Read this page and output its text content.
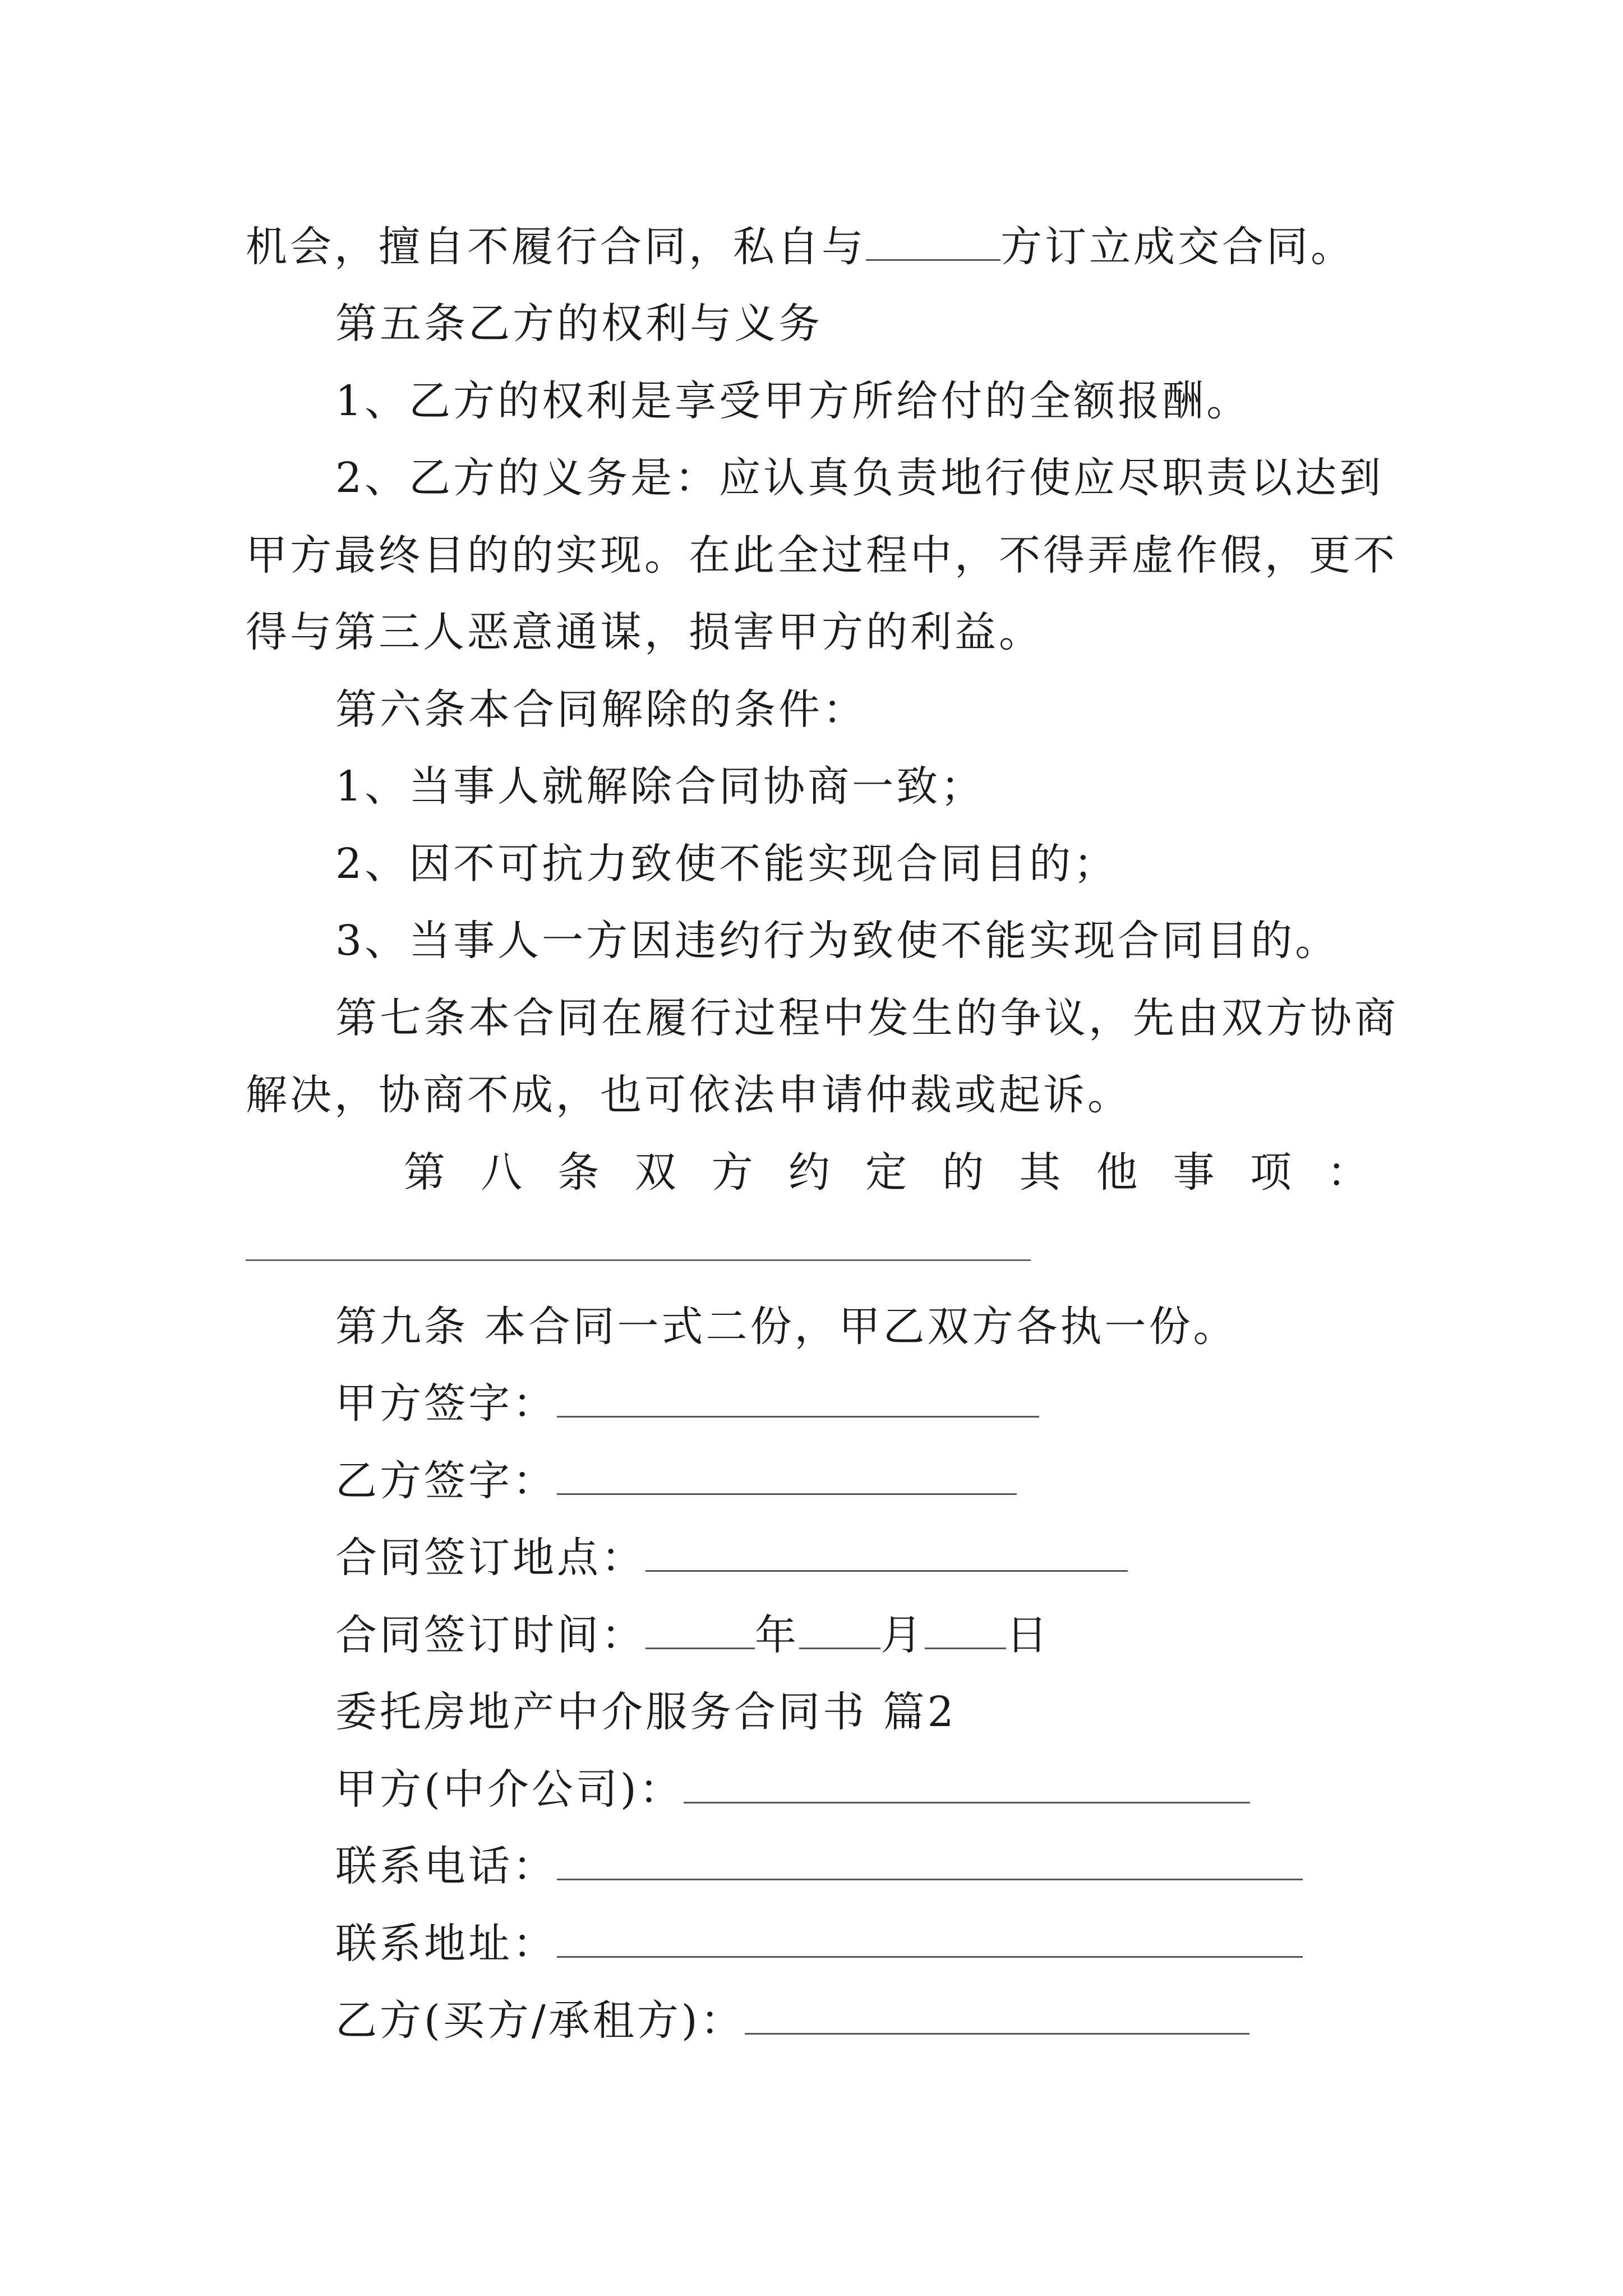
机会，擅自不履行合同，私自与	方订立成交合同。
第五条乙方的权利与义务
1、乙方的权利是享受甲方所给付的全额报酬。
2、乙方的义务是：应认真负责地行使应尽职责以达到
甲方最终目的的实现。在此全过程中，不得弄虚作假，更不
得与第三人恶意通谋，损害甲方的利益。
第六条本合同解除的条件：
1、当事人就解除合同协商一致；
2、因不可抗力致使不能实现合同目的；
3、当事人一方因违约行为致使不能实现合同目的。
第七条本合同在履行过程中发生的争议，先由双方协商
解决，协商不成，也可依法申请仲裁或起诉。
第八条双方约定的其他事项：
第九条 本合同一式二份，甲乙双方各执一份。
甲方签字：
乙方签字：
合同签订地点：
合同签订时间：	年 月 日
委托房地产中介服务合同书 篇2
甲方(中介公司)：
联系电话：
联系地址：
乙方(买方/承租方)：
